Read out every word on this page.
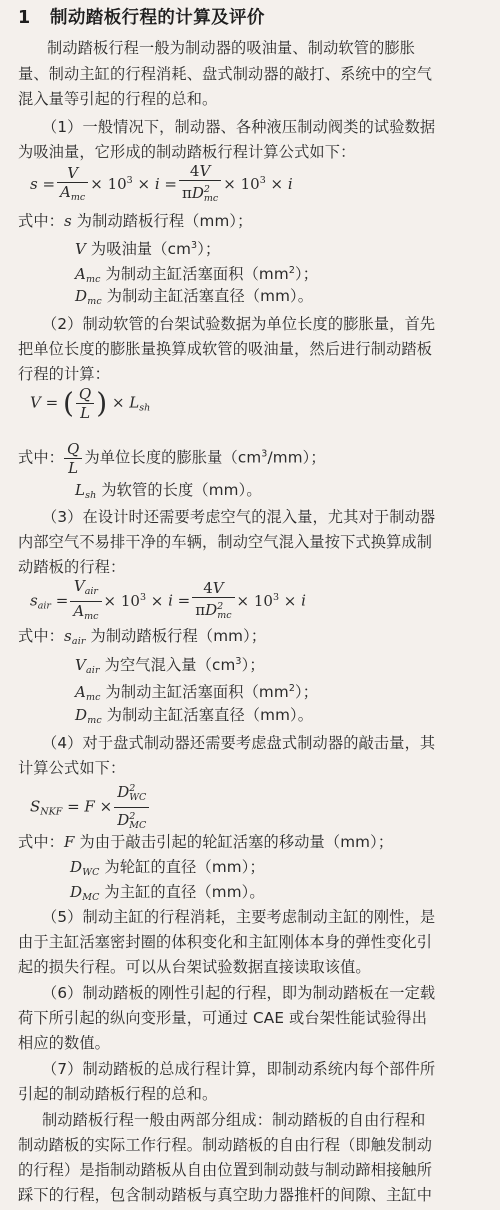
1 制动踏板行程的计算及评价
制动踏板行程一般为制动器的吸油量、制动软管的膨胀
量、制动主缸的行程消耗、盘式制动器的敲打、系统中的空气
混入量等引起的行程的总和。
（1）一般情况下，制动器、各种液压制动阀类的试验数据
为吸油量，它形成的制动踏板行程计算公式如下：
$s = \frac{V}{A_{mc}} \times 10^3 \times i = \frac{4V}{\pi D^2_{mc}} \times 10^3 \times i$
式中：s 为制动踏板行程（mm）；
V 为吸油量$(cm^3)$；
$A_{mc}$ 为制动主缸活塞面积$(mm^2)$；
$D_{mc}$ 为制动主缸活塞直径（mm）。
（2）制动软管的台架试验数据为单位长度的膨胀量，首先
把单位长度的膨胀量换算成软管的吸油量，然后进行制动踏板
行程的计算：
V = ( $\frac{Q}{L}$ ) × $L_{sh}$
式中： $\frac{Q}{L}$ 为单位长度的膨胀量$(cm^3/mm)$；
$L_{sh}$ 为软管的长度（mm）。
（3）在设计时还需要考虑空气的混入量，尤其对于制动器
内部空气不易排干净的车辆，制动空气混入量按下式换算成制
动踏板的行程：
$s_{air} = \frac{V_{air}}{A_{mc}} \times 10^3 \times i = \frac{4V}{\pi D^2_{mc}} \times 10^3 \times i$
式中：$s_{air}$ 为制动踏板行程（mm）；
$V_{air}$ 为空气混入量$(cm^3)$；
$A_{mc}$ 为制动主缸活塞面积$(mm^2)$；
$D_{mc}$ 为制动主缸活塞直径（mm）。
（4）对于盘式制动器还需要考虑盘式制动器的敲击量，其
计算公式如下：
$S_{NKF} = F \times \frac{D^2_{WC}}{D^2_{MC}}$
式中：F 为由于敲击引起的轮缸活塞的移动量（mm）；
$D_{WC}$ 为轮缸的直径（mm）；
$D_{MC}$ 为主缸的直径（mm）。
（5）制动主缸的行程消耗，主要考虑制动主缸的刚性，是
由于主缸活塞密封圈的体积变化和主缸刚体本身的弹性变化引
起的损失行程。可以从台架试验数据直接读取该值。
（6）制动踏板的刚性引起的行程，即为制动踏板在一定载
荷下所引起的纵向变形量，可通过 CAE 或台架性能试验得出
相应的数值。
（7）制动踏板的总成行程计算，即制动系统内每个部件所
引起的制动踏板行程的总和。
制动踏板行程一般由两部分组成：制动踏板的自由行程和
制动踏板的实际工作行程。制动踏板的自由行程（即触发制动
的行程）是指制动踏板从自由位置到制动鼓与制动蹄相接触所
踩下的行程，包含制动踏板与真空助力器推杆的间隙、主缸中
